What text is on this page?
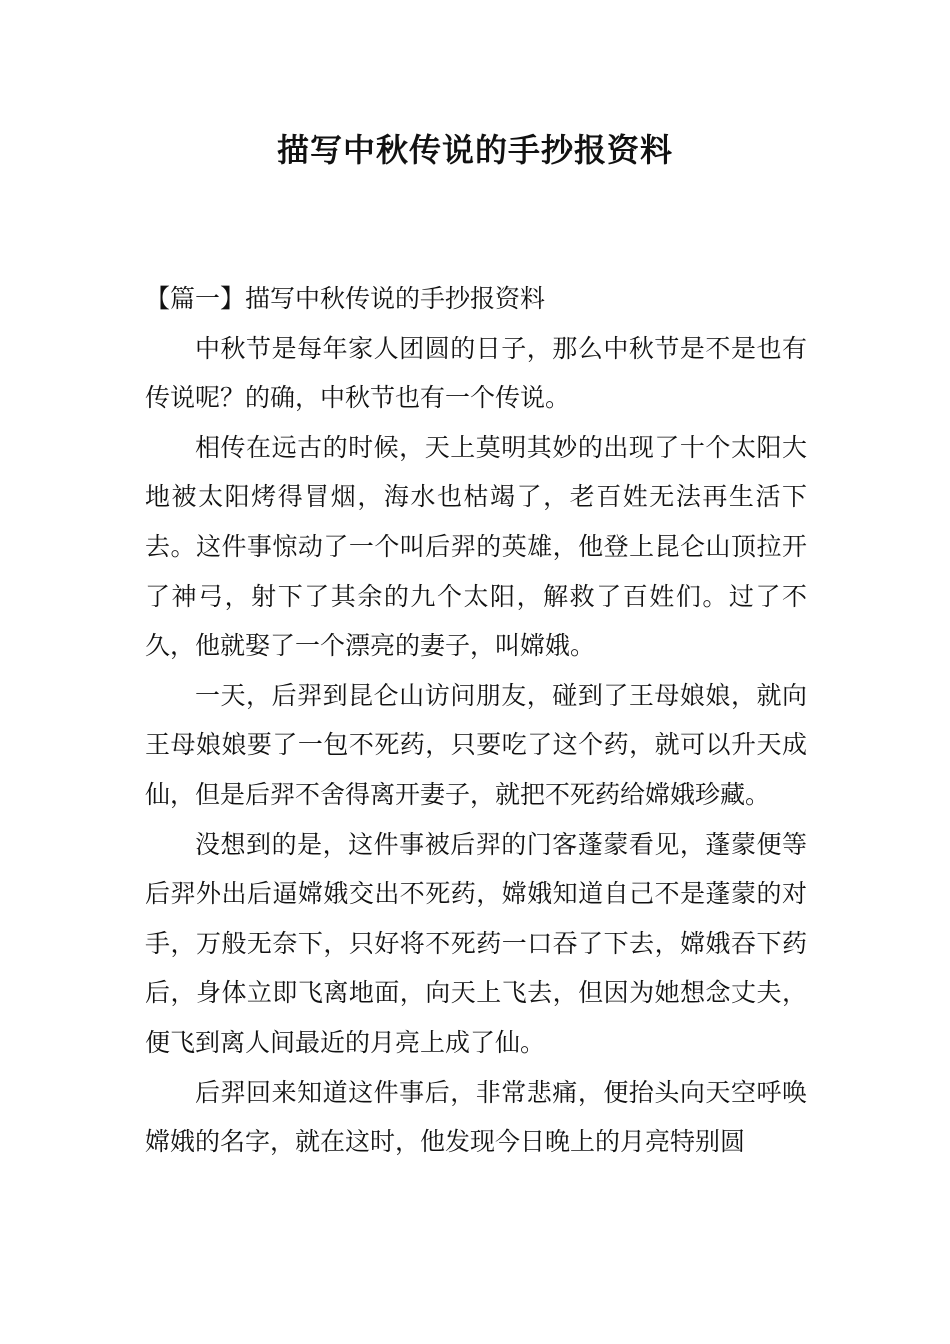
描写中秋传说的手抄报资料

【篇一】描写中秋传说的手抄报资料

中秋节是每年家人团圆的日子，那么中秋节是不是也有传说呢？的确，中秋节也有一个传说。

相传在远古的时候，天上莫明其妙的出现了十个太阳大地被太阳烤得冒烟，海水也枯竭了，老百姓无法再生活下去。这件事惊动了一个叫后羿的英雄，他登上昆仑山顶拉开了神弓，射下了其余的九个太阳，解救了百姓们。过了不久，他就娶了一个漂亮的妻子，叫嫦娥。

一天，后羿到昆仑山访问朋友，碰到了王母娘娘，就向王母娘娘要了一包不死药，只要吃了这个药，就可以升天成仙，但是后羿不舍得离开妻子，就把不死药给嫦娥珍藏。

没想到的是，这件事被后羿的门客蓬蒙看见，蓬蒙便等后羿外出后逼嫦娥交出不死药，嫦娥知道自己不是蓬蒙的对手，万般无奈下，只好将不死药一口吞了下去，嫦娥吞下药后，身体立即飞离地面，向天上飞去，但因为她想念丈夫，便飞到离人间最近的月亮上成了仙。

后羿回来知道这件事后，非常悲痛，便抬头向天空呼唤嫦娥的名字，就在这时，他发现今日晚上的月亮特别圆
